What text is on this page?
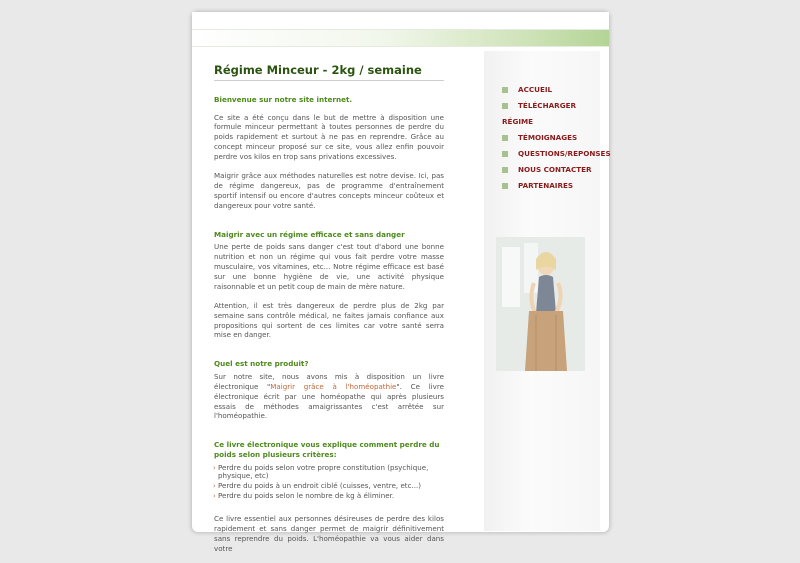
Régime Minceur - 2kg / semaine
Bienvenue sur notre site internet.

Ce site a été conçu dans le but de mettre à disposition une formule minceur permettant à toutes personnes de perdre du poids rapidement et surtout à ne pas en reprendre. Grâce au concept minceur proposé sur ce site, vous allez enfin pouvoir perdre vos kilos en trop sans privations excessives.

Maigrir grâce aux méthodes naturelles est notre devise. Ici, pas de régime dangereux, pas de programme d'entraînement sportif intensif ou encore d'autres concepts minceur coûteux et dangereux pour votre santé.

Maigrir avec un régime efficace et sans danger

Une perte de poids sans danger c'est tout d'abord une bonne nutrition et non un régime qui vous fait perdre votre masse musculaire, vos vitamines, etc... Notre régime efficace est basé sur une bonne hygiène de vie, une activité physique raisonnable et un petit coup de main de mère nature.

Attention, il est très dangereux de perdre plus de 2kg par semaine sans contrôle médical, ne faites jamais confiance aux propositions qui sortent de ces limites car votre santé serra mise en danger.

Quel est notre produit?

Sur notre site, nous avons mis à disposition un livre électronique "Maigrir grâce à l'homéopathie". Ce livre électronique écrit par une homéopathe qui après plusieurs essais de méthodes amaigrissantes c'est arrêtée sur l'homéopathie.

Ce livre électronique vous explique comment perdre du poids selon plusieurs critères:
› Perdre du poids selon votre propre constitution (psychique, physique, etc)
› Perdre du poids à un endroit ciblé (cuisses, ventre, etc...)
› Perdre du poids selon le nombre de kg à éliminer.

Ce livre essentiel aux personnes désireuses de perdre des kilos rapidement et sans danger permet de maigrir définitivement sans reprendre du poids. L'homéopathie va vous aider dans votre

ACCUEIL
TÉLÉCHARGER
RÉGIME
TÉMOIGNAGES
QUESTIONS/REPONSES
NOUS CONTACTER
PARTENAIRES
